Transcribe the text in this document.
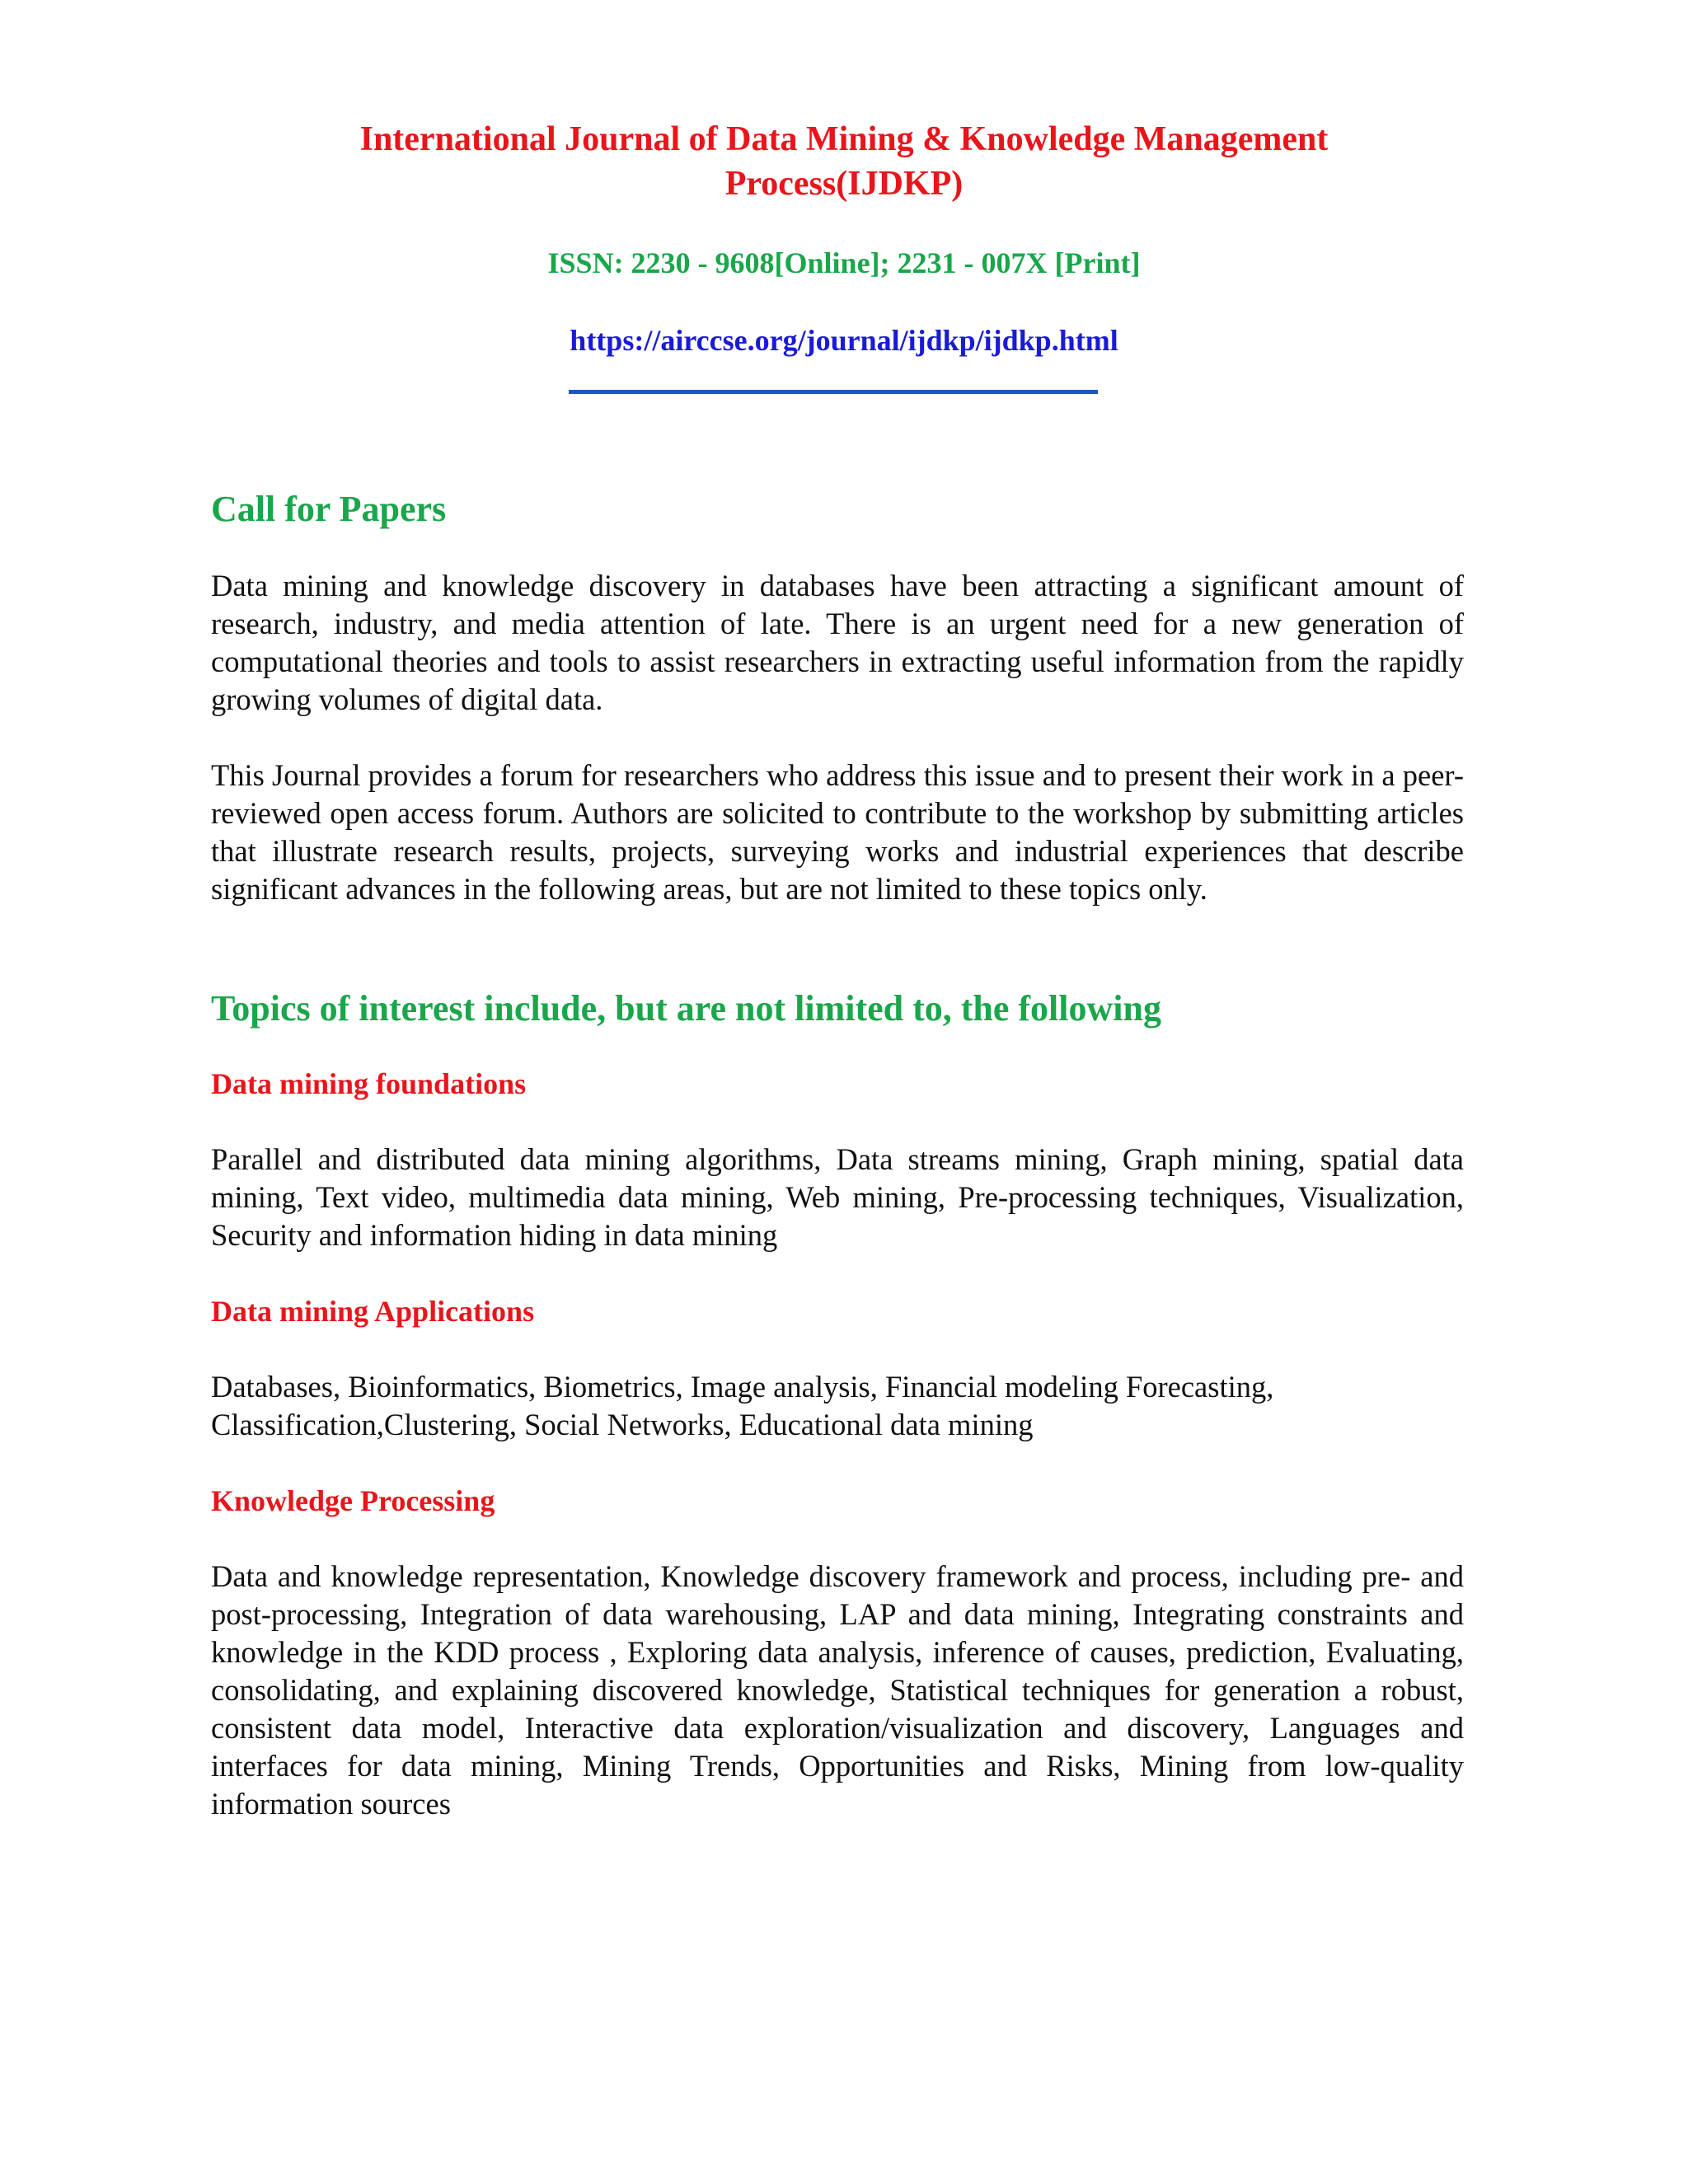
International Journal of Data Mining & Knowledge Management Process(IJDKP)

ISSN: 2230 - 9608[Online]; 2231 - 007X [Print]

https://airccse.org/journal/ijdkp/ijdkp.html
Call for Papers

Data mining and knowledge discovery in databases have been attracting a significant amount of research, industry, and media attention of late. There is an urgent need for a new generation of computational theories and tools to assist researchers in extracting useful information from the rapidly growing volumes of digital data.

This Journal provides a forum for researchers who address this issue and to present their work in a peer- reviewed open access forum. Authors are solicited to contribute to the workshop by submitting articles that illustrate research results, projects, surveying works and industrial experiences that describe significant advances in the following areas, but are not limited to these topics only.

Topics of interest include, but are not limited to, the following
Data mining foundations

Parallel and distributed data mining algorithms, Data streams mining, Graph mining, spatial data mining, Text video, multimedia data mining, Web mining, Pre-processing techniques, Visualization, Security and information hiding in data mining

Data mining Applications

Databases, Bioinformatics, Biometrics, Image analysis, Financial modeling Forecasting, Classification,Clustering, Social Networks, Educational data mining

Knowledge Processing

Data and knowledge representation, Knowledge discovery framework and process, including pre- and post-processing, Integration of data warehousing, LAP and data mining, Integrating constraints and knowledge in the KDD process , Exploring data analysis, inference of causes, prediction, Evaluating, consolidating, and explaining discovered knowledge, Statistical techniques for generation a robust, consistent data model, Interactive data exploration/visualization and discovery, Languages and interfaces for data mining, Mining Trends, Opportunities and Risks, Mining from low-quality information sources
